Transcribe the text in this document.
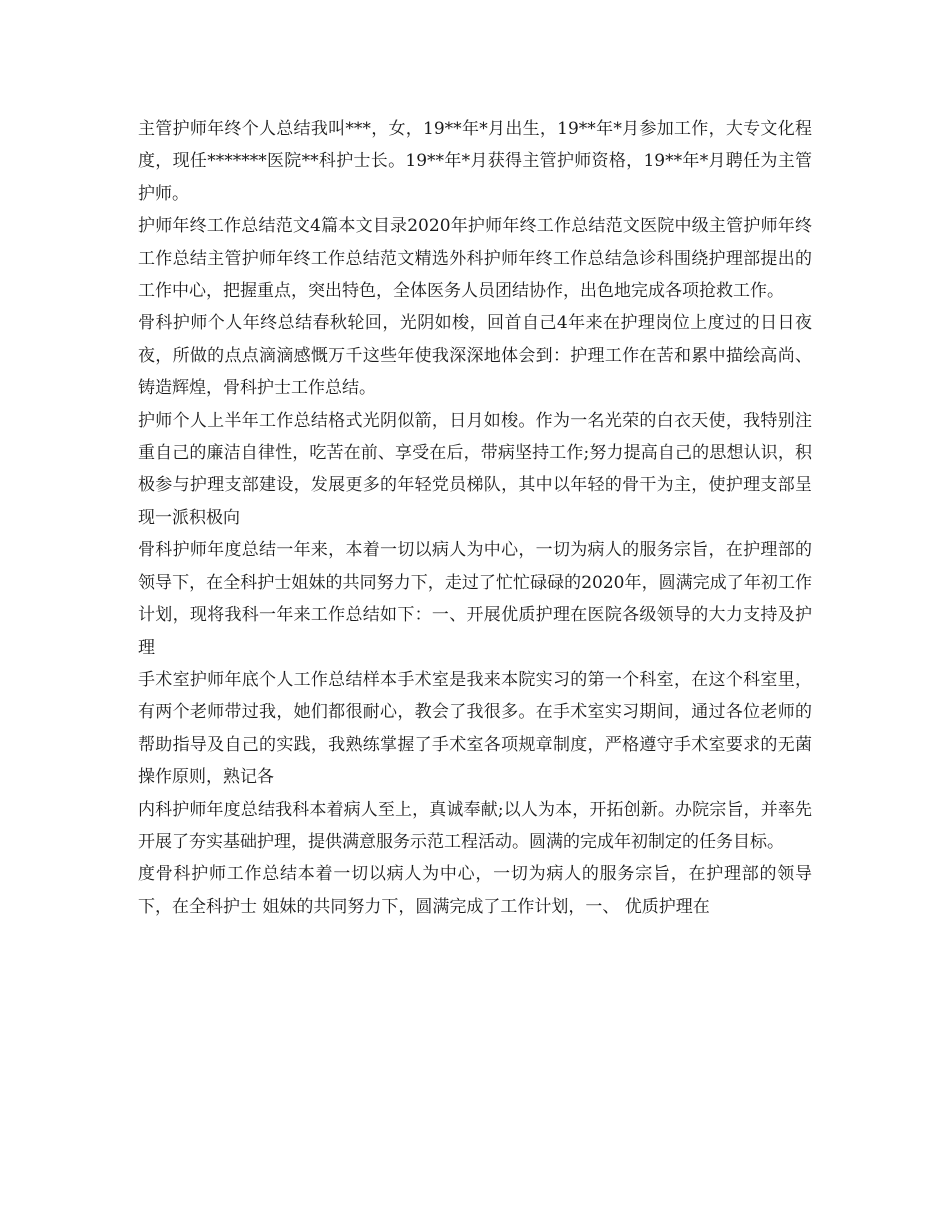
主管护师年终个人总结我叫***，女，19**年*月出生，19**年*月参加工作，大专文化程度，现任*******医院**科护士长。19**年*月获得主管护师资格，19**年*月聘任为主管护师。

护师年终工作总结范文4篇本文目录2020年护师年终工作总结范文医院中级主管护师年终工作总结主管护师年终工作总结范文精选外科护师年终工作总结急诊科围绕护理部提出的工作中心，把握重点，突出特色，全体医务人员团结协作，出色地完成各项抢救工作。

骨科护师个人年终总结春秋轮回，光阴如梭，回首自己4年来在护理岗位上度过的日日夜夜，所做的点点滴滴感慨万千这些年使我深深地体会到：护理工作在苦和累中描绘高尚、铸造辉煌，骨科护士工作总结。

护师个人上半年工作总结格式光阴似箭，日月如梭。作为一名光荣的白衣天使，我特别注重自己的廉洁自律性，吃苦在前、享受在后，带病坚持工作;努力提高自己的思想认识，积极参与护理支部建设，发展更多的年轻党员梯队，其中以年轻的骨干为主，使护理支部呈现一派积极向

骨科护师年度总结一年来，本着一切以病人为中心，一切为病人的服务宗旨，在护理部的领导下，在全科护士姐妹的共同努力下，走过了忙忙碌碌的2020年，圆满完成了年初工作计划，现将我科一年来工作总结如下：一、开展优质护理在医院各级领导的大力支持及护理

手术室护师年底个人工作总结样本手术室是我来本院实习的第一个科室，在这个科室里，有两个老师带过我，她们都很耐心，教会了我很多。在手术室实习期间，通过各位老师的帮助指导及自己的实践，我熟练掌握了手术室各项规章制度，严格遵守手术室要求的无菌操作原则，熟记各

内科护师年度总结我科本着病人至上，真诚奉献;以人为本，开拓创新。办院宗旨，并率先开展了夯实基础护理，提供满意服务示范工程活动。圆满的完成年初制定的任务目标。

度骨科护师工作总结本着一切以病人为中心，一切为病人的服务宗旨，在护理部的领导下，在全科护士 姐妹的共同努力下，圆满完成了工作计划，一、 优质护理在
